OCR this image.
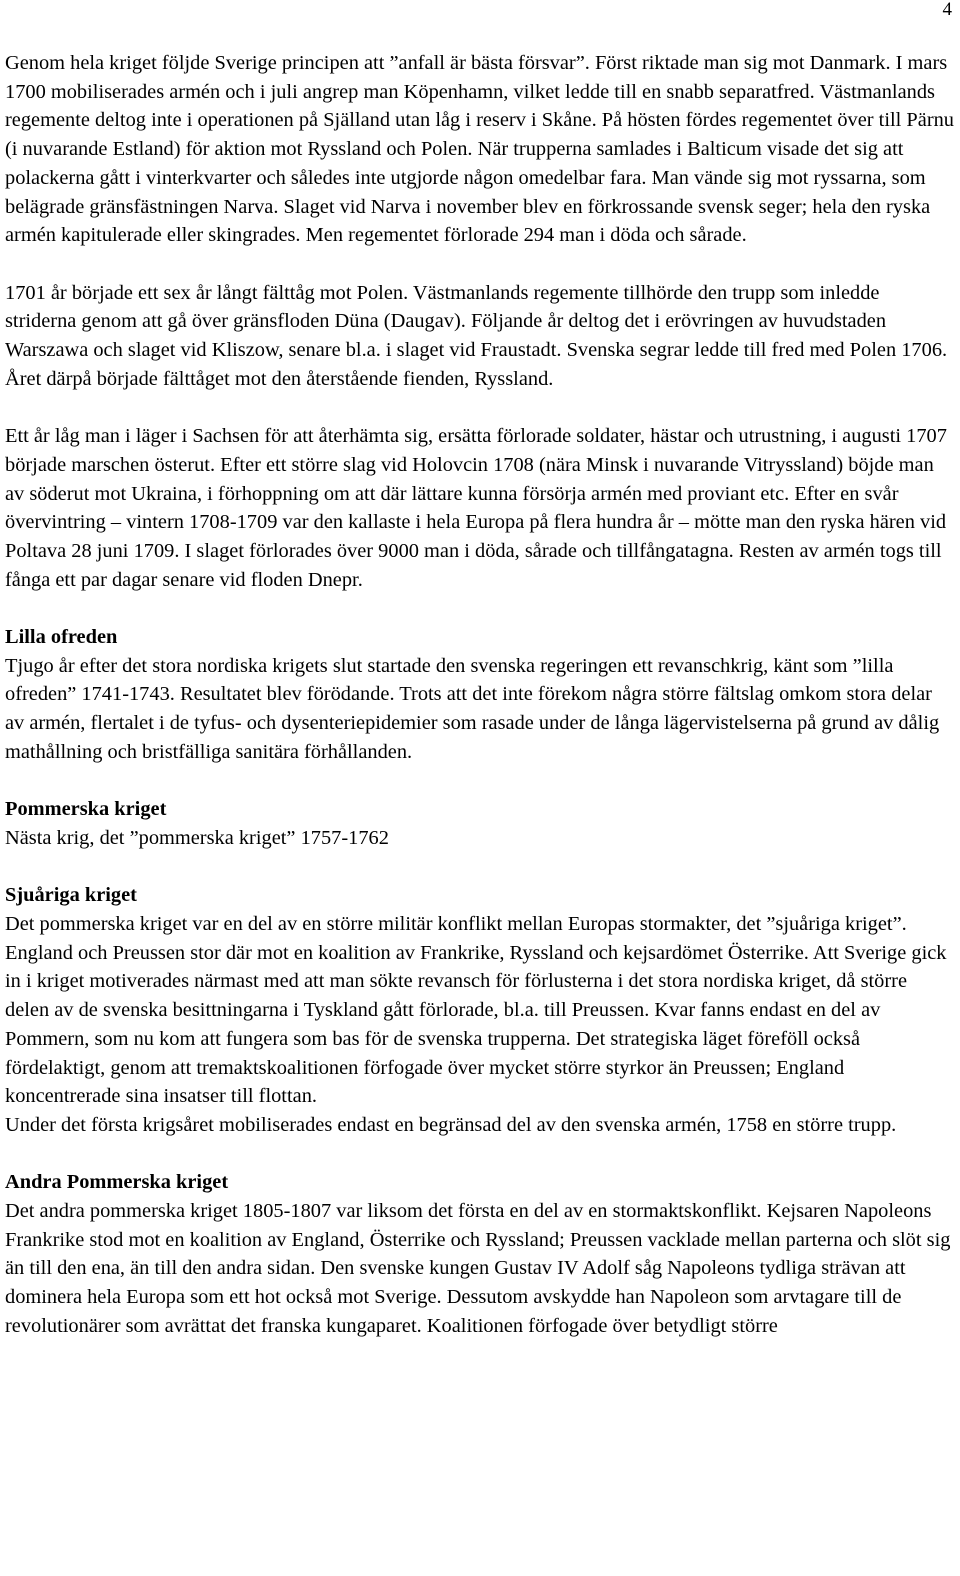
4

Genom hela kriget följde Sverige principen att ”anfall är bästa försvar”. Först riktade man sig mot Danmark. I mars 1700 mobiliserades armén och i juli angrep man Köpenhamn, vilket ledde till en snabb separatfred. Västmanlands regemente deltog inte i operationen på Själland utan låg i reserv i Skåne. På hösten fördes regementet över till Pärnu (i nuvarande Estland) för aktion mot Ryssland och Polen. När trupperna samlades i Balticum visade det sig att polackerna gått i vinterkvarter och således inte utgjorde någon omedelbar fara. Man vände sig mot ryssarna, som belägrade gränsfästningen Narva. Slaget vid Narva i november blev en förkrossande svensk seger; hela den ryska armén kapitulerade eller skingrades. Men regementet förlorade 294 man i döda och sårade.

1701 år började ett sex år långt fälttåg mot Polen. Västmanlands regemente tillhörde den trupp som inledde striderna genom att gå över gränsfloden Düna (Daugav). Följande år deltog det i erövringen av huvudstaden Warszawa och slaget vid Kliszow, senare bl.a. i slaget vid Fraustadt. Svenska segrar ledde till fred med Polen 1706. Året därpå började fälttåget mot den återstående fienden, Ryssland.

Ett år låg man i läger i Sachsen för att återhämta sig, ersätta förlorade soldater, hästar och utrustning, i augusti 1707 började marschen österut. Efter ett större slag vid Holovcin 1708 (nära Minsk i nuvarande Vitryssland) böjde man av söderut mot Ukraina, i förhoppning om att där lättare kunna försörja armén med proviant etc. Efter en svår övervintring – vintern 1708-1709 var den kallaste i hela Europa på flera hundra år – mötte man den ryska hären vid Poltava 28 juni 1709. I slaget förlorades över 9000 man i döda, sårade och tillfångatagna. Resten av armén togs till fånga ett par dagar senare vid floden Dnepr.

Lilla ofreden

Tjugo år efter det stora nordiska krigets slut startade den svenska regeringen ett revanschkrig, känt som ”lilla ofreden” 1741-1743. Resultatet blev förödande. Trots att det inte förekom några större fältslag omkom stora delar av armén, flertalet i de tyfus- och dysenteriepidemier som rasade under de långa lägervistelserna på grund av dålig mathållning och bristfälliga sanitära förhållanden.

Pommerska kriget

Nästa krig, det ”pommerska kriget” 1757-1762

Sjuåriga kriget

Det pommerska kriget var en del av en större militär konflikt mellan Europas stormakter, det ”sjuåriga kriget”. England och Preussen stor där mot en koalition av Frankrike, Ryssland och kejsardömet Österrike. Att Sverige gick in i kriget motiverades närmast med att man sökte revansch för förlusterna i det stora nordiska kriget, då större delen av de svenska besittningarna i Tyskland gått förlorade, bl.a. till Preussen. Kvar fanns endast en del av Pommern, som nu kom att fungera som bas för de svenska trupperna. Det strategiska läget föreföll också fördelaktigt, genom att tremaktskoalitionen förfogade över mycket större styrkor än Preussen; England koncentrerade sina insatser till flottan.

Under det första krigsåret mobiliserades endast en begränsad del av den svenska armén, 1758 en större trupp.

Andra Pommerska kriget

Det andra pommerska kriget 1805-1807 var liksom det första en del av en stormaktskonflikt. Kejsaren Napoleons Frankrike stod mot en koalition av England, Österrike och Ryssland; Preussen vacklade mellan parterna och slöt sig än till den ena, än till den andra sidan. Den svenske kungen Gustav IV Adolf såg Napoleons tydliga strävan att dominera hela Europa som ett hot också mot Sverige. Dessutom avskydde han Napoleon som arvtagare till de revolutionärer som avrättat det franska kungaparet. Koalitionen förfogade över betydligt större
